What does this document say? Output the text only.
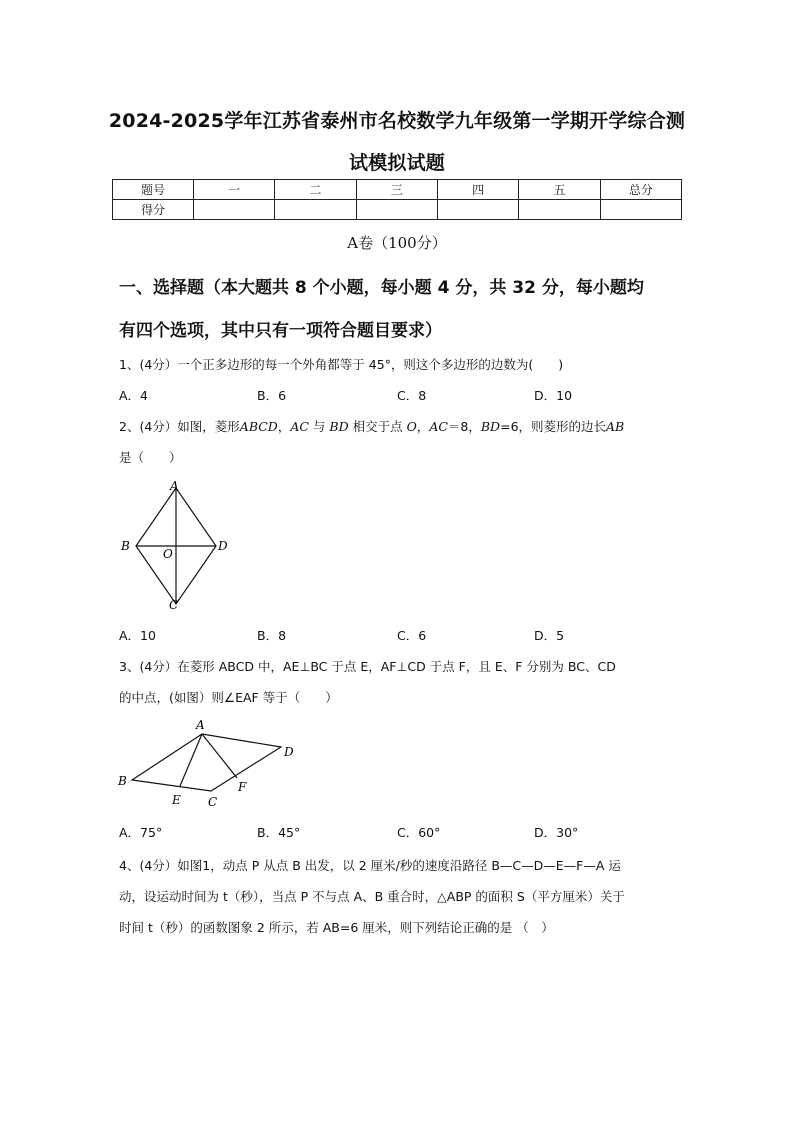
2024-2025学年江苏省泰州市名校数学九年级第一学期开学综合测
试模拟试题
题号	一	二	三	四	五	总分
得分						
A卷（100分）
一、选择题（本大题共 8 个小题，每小题 4 分，共 32 分，每小题均
有四个选项，其中只有一项符合题目要求）
1、(4分）一个正多边形的每一个外角都等于 45°，则这个多边形的边数为(　　)
A．4	B．6	C．8	D．10
2、(4分）如图，菱形ABCD，AC 与 BD 相交于点 O，AC＝8，BD=6，则菱形的边长AB
是（　　）
A
B
O
D
C
A．10	B．8	C．6	D．5
3、(4分）在菱形 ABCD 中，AE⊥BC 于点 E，AF⊥CD 于点 F，且 E、F 分别为 BC、CD
的中点，(如图）则∠EAF 等于（　　）
A
B
E C
F
D
A．75°	B．45°	C．60°	D．30°
4、(4分）如图1，动点 P 从点 B 出发，以 2 厘米/秒的速度沿路径 B—C—D—E—F—A 运
动，设运动时间为 t（秒），当点 P 不与点 A、B 重合时，△ABP 的面积 S（平方厘米）关于
时间 t（秒）的函数图象 2 所示，若 AB=6 厘米，则下列结论正确的是 （　）
